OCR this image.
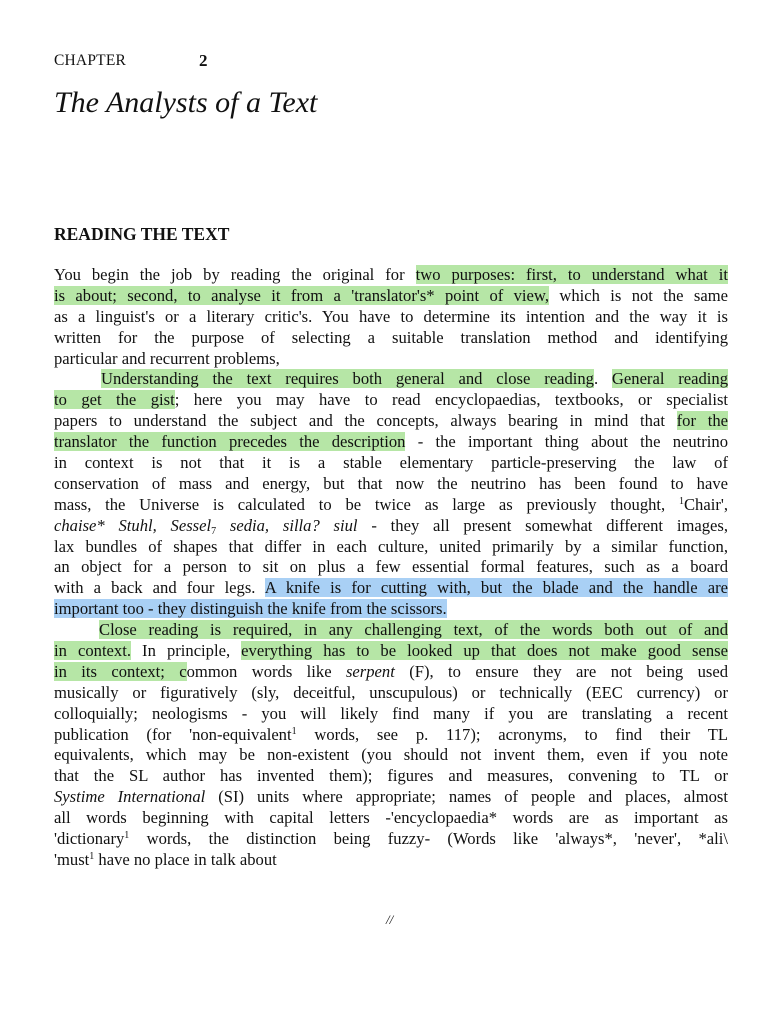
CHAPTER	2
The Analysts of a Text
READING THE TEXT
You begin the job by reading the original for two purposes: first, to understand what it
is about; second, to analyse it from a 'translator's* point of view, which is not the same
as a linguist's or a literary critic's. You have to determine its intention and the way it is
written for the purpose of selecting a suitable translation method and identifying
particular and recurrent problems,
Understanding the text requires both general and close reading. General reading
to get the gist; here you may have to read encyclopaedias, textbooks, or specialist
papers to understand the subject and the concepts, always bearing in mind that for the
translator the function precedes the description - the important thing about the neutrino
in context is not that it is a stable elementary particle-preserving the law of
conservation of mass and energy, but that now the neutrino has been found to have
mass, the Universe is calculated to be twice as large as previously thought, $^1$Chair',
chaise* Stuhl, Sessel$_7$ sedia, silla? siul - they all present somewhat different images,
lax bundles of shapes that differ in each culture, united primarily by a similar function,
an object for a person to sit on plus a few essential formal features, such as a board
with a back and four legs. A knife is for cutting with, but the blade and the handle are
important too - they distinguish the knife from the scissors.
Close reading is required, in any challenging text, of the words both out of and
in context. In principle, everything has to be looked up that does not make good sense
in its context; common words like serpent (F), to ensure they are not being used
musically or figuratively (sly, deceitful, unscupulous) or technically (EEC currency) or
colloquially; neologisms - you will likely find many if you are translating a recent
publication (for 'non-equivalent$^1$ words, see p. 117); acronyms, to find their TL
equivalents, which may be non-existent (you should not invent them, even if you note
that the SL author has invented them); figures and measures, convening to TL or
Systime International (SI) units where appropriate; names of people and places, almost
all words beginning with capital letters -'encyclopaedia* words are as important as
'dictionary$^1$ words, the distinction being fuzzy- (Words like 'always*, 'never', *ali\
'must$^1$ have no place in talk about
//
